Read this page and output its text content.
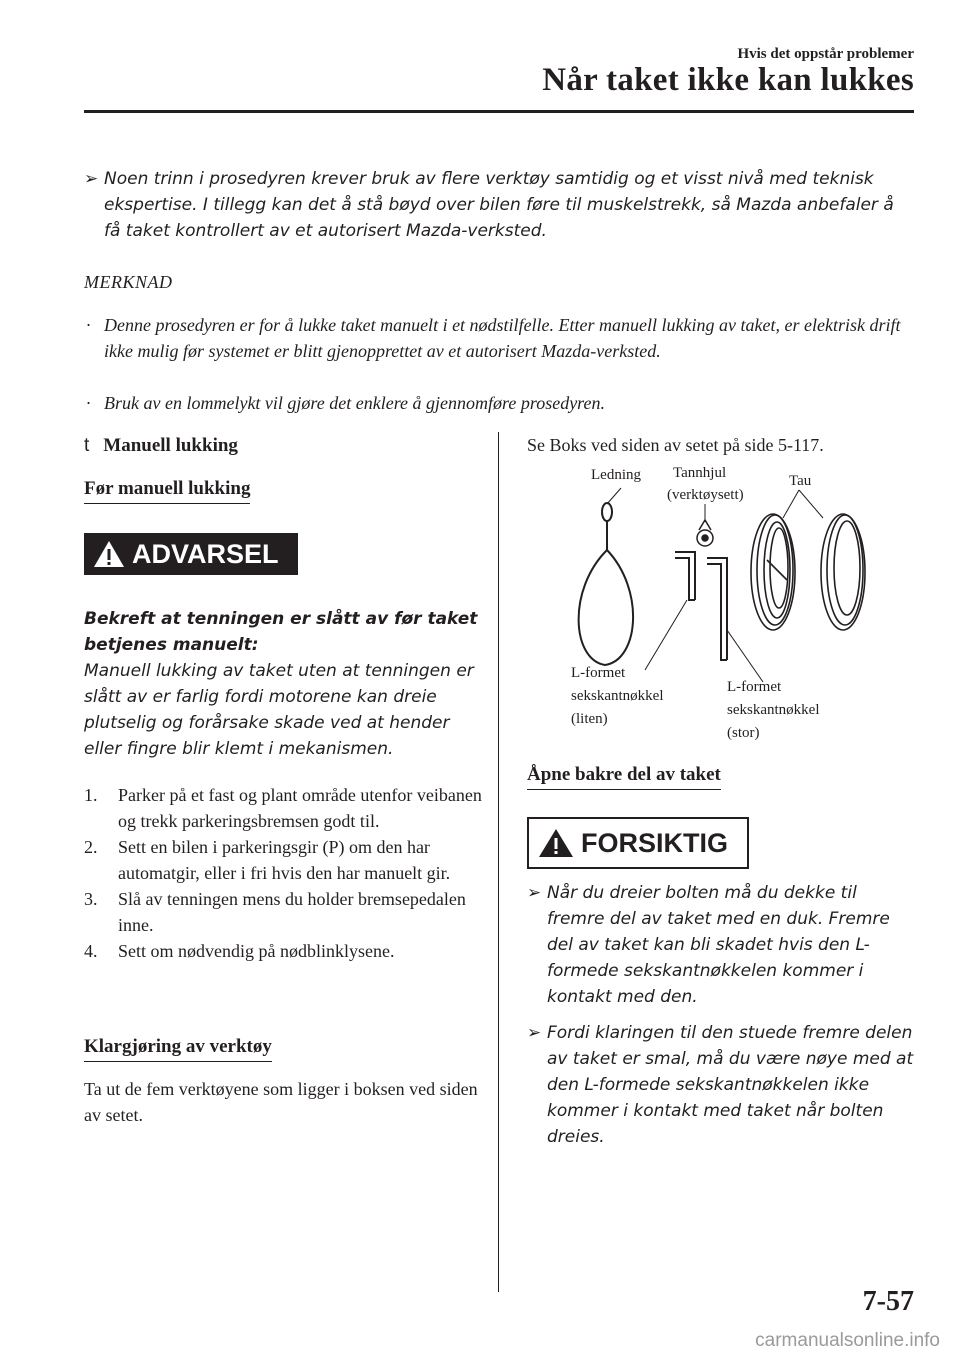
Hvis det oppstår problemer
Når taket ikke kan lukkes
➢ Noen trinn i prosedyren krever bruk av flere verktøy samtidig og et visst nivå med teknisk ekspertise. I tillegg kan det å stå bøyd over bilen føre til muskelstrekk, så Mazda anbefaler å få taket kontrollert av et autorisert Mazda-verksted.
MERKNAD
· Denne prosedyren er for å lukke taket manuelt i et nødstilfelle. Etter manuell lukking av taket, er elektrisk drift ikke mulig før systemet er blitt gjenopprettet av et autorisert Mazda-verksted.
· Bruk av en lommelykt vil gjøre det enklere å gjennomføre prosedyren.
t Manuell lukking
Før manuell lukking
ADVARSEL
Bekreft at tenningen er slått av før taket betjenes manuelt:
Manuell lukking av taket uten at tenningen er slått av er farlig fordi motorene kan dreie plutselig og forårsake skade ved at hender eller fingre blir klemt i mekanismen.
1. Parker på et fast og plant område utenfor veibanen og trekk parkeringsbremsen godt til.
2. Sett en bilen i parkeringsgir (P) om den har automatgir, eller i fri hvis den har manuelt gir.
3. Slå av tenningen mens du holder bremsepedalen inne.
4. Sett om nødvendig på nødblinklysene.
Klargjøring av verktøy
Ta ut de fem verktøyene som ligger i boksen ved siden av setet.
Se Boks ved siden av setet på side 5-117.
Ledning Tannhjul
(verktøysett)
Tau
L-formet
sekskantnøkkel
(liten)
L-formet
sekskantnøkkel
(stor)
Åpne bakre del av taket
FORSIKTIG
➢ Når du dreier bolten må du dekke til fremre del av taket med en duk. Fremre del av taket kan bli skadet hvis den L-formede sekskantnøkkelen kommer i kontakt med den.
➢ Fordi klaringen til den stuede fremre delen av taket er smal, må du være nøye med at den L-formede sekskantnøkkelen ikke kommer i kontakt med taket når bolten dreies.
7-57
carmanualsonline.info
